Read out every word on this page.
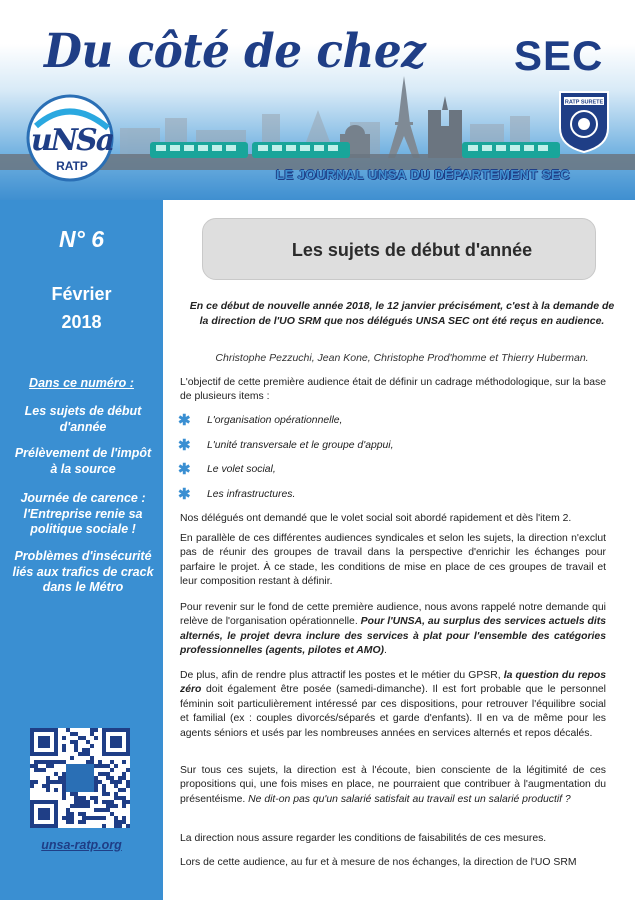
Du côté de chez SEC
uNSa
RATP
RATP SURETE
LE JOURNAL UNSA DU DÉPARTEMENT SEC
N° 6
Février
2018
Dans ce numéro :
Les sujets de début d'année
Prélèvement de l'impôt à la source
Journée de carence : l'Entreprise renie sa politique sociale !
Problèmes d'insécurité liés aux trafics de crack dans le Métro
unsa-ratp.org
Les sujets de début d'année
En ce début de nouvelle année 2018, le 12 janvier précisément, c'est à la demande de la direction de l'UO SRM que nos délégués UNSA SEC ont été reçus en audience.
Christophe Pezzuchi, Jean Kone, Christophe Prod'homme et Thierry Huberman.
L'objectif de cette première audience était de définir un cadrage méthodologique, sur la base de plusieurs items :
✱ L'organisation opérationnelle,
✱ L'unité transversale et le groupe d'appui,
✱ Le volet social,
✱ Les infrastructures.
Nos délégués ont demandé que le volet social soit abordé rapidement et dès l'item 2.
En parallèle de ces différentes audiences syndicales et selon les sujets, la direction n'exclut pas de réunir des groupes de travail dans la perspective d'enrichir les échanges pour parfaire le projet. À ce stade, les conditions de mise en place de ces groupes de travail et leur composition restant à définir.
Pour revenir sur le fond de cette première audience, nous avons rappelé notre demande qui relève de l'organisation opérationnelle. Pour l'UNSA, au surplus des services actuels dits alternés, le projet devra inclure des services à plat pour l'ensemble des catégories professionnelles (agents, pilotes et AMO).
De plus, afin de rendre plus attractif les postes et le métier du GPSR, la question du repos zéro doit également être posée (samedi-dimanche). Il est fort probable que le personnel féminin soit particulièrement intéressé par ces dispositions, pour retrouver l'équilibre social et familial (ex : couples divorcés/séparés et garde d'enfants). Il en va de même pour les agents séniors et usés par les nombreuses années en services alternés et repos décalés.
Sur tous ces sujets, la direction est à l'écoute, bien consciente de la légitimité de ces propositions qui, une fois mises en place, ne pourraient que contribuer à l'augmentation du présentéisme. Ne dit-on pas qu'un salarié satisfait au travail est un salarié productif ?
La direction nous assure regarder les conditions de faisabilités de ces mesures.
Lors de cette audience, au fur et à mesure de nos échanges, la direction de l'UO SRM
